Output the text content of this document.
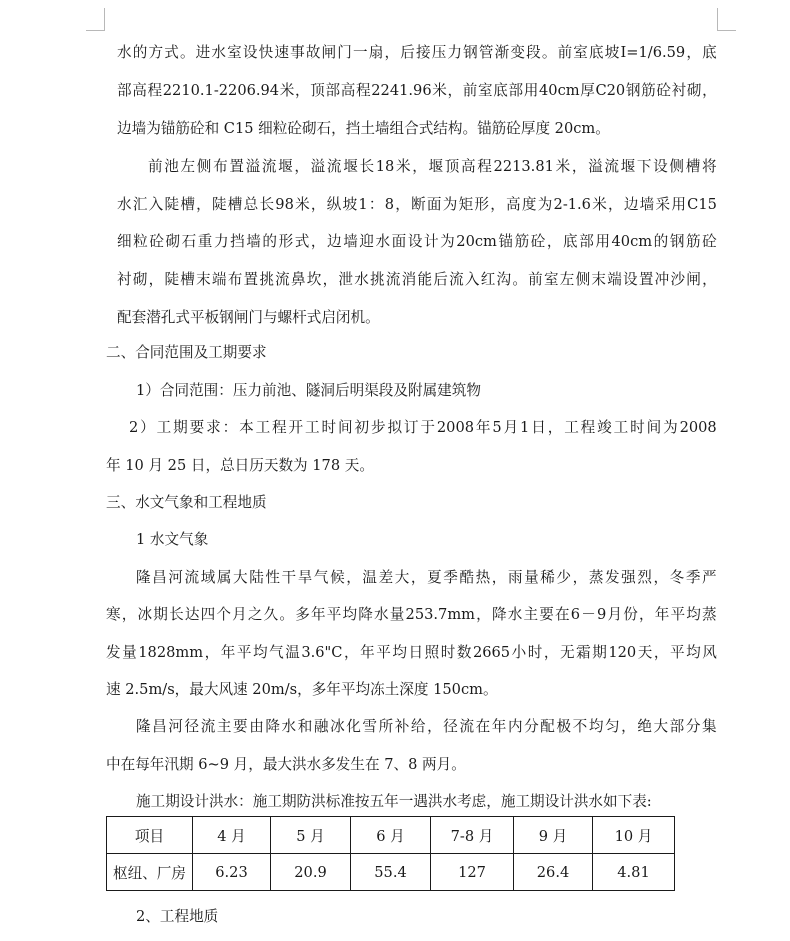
水 的 方 式 。 进 水 室 设 快 速 事 故 闸 门 一 扇 ， 后 接 压 力 钢 管 渐 变 段 。 前 室 底 坡 I=1/6.59 ， 底
部 高 程 2210.1-2206.94 米 ， 顶 部 高 程 2241.96 米 ， 前 室 底 部 用 40cm 厚 C20 钢 筋 砼 衬 砌 ，
边墙为锚筋砼和 C15 细粒砼砌石，挡土墙组合式结构。锚筋砼厚度 20cm。
前 池 左 侧 布 置 溢 流 堰 ， 溢 流 堰 长 18 米 ， 堰 顶 高 程 2213.81 米 ， 溢 流 堰 下 设 侧 槽 将
水 汇 入 陡 槽 ， 陡 槽 总 长 98 米 ， 纵 坡 1 ： 8 ， 断 面 为 矩 形 ， 高 度 为 2-1.6 米 ， 边 墙 采 用 C15
细 粒 砼 砌 石 重 力 挡 墙 的 形 式 ， 边 墙 迎 水 面 设 计 为 20cm 锚 筋 砼 ， 底 部 用 40cm 的 钢 筋 砼
衬 砌 ， 陡 槽 末 端 布 置 挑 流 鼻 坎 ， 泄 水 挑 流 消 能 后 流 入 红 沟 。 前 室 左 侧 末 端 设 置 冲 沙 闸 ，
配套潜孔式平板钢闸门与螺杆式启闭机。
二、合同范围及工期要求
1）合同范围：压力前池、隧洞后明渠段及附属建筑物
2 ） 工 期 要 求 ： 本 工 程 开 工 时 间 初 步 拟 订 于 2008 年 5 月 1 日 ， 工 程 竣 工 时 间 为 2008
年 10 月 25 日，总日历天数为 178 天。
三、水文气象和工程地质
1 水文气象
隆 昌 河 流 域 属 大 陆 性 干 旱 气 候 ， 温 差 大 ， 夏 季 酷 热 ， 雨 量 稀 少 ， 蒸 发 强 烈 ， 冬 季 严
寒 ， 冰 期 长 达 四 个 月 之 久 。 多 年 平 均 降 水 量 253.7mm ， 降 水 主 要 在 6 － 9 月 份 ， 年 平 均 蒸
发 量 1828mm ， 年 平 均 气 温 3.6"C ， 年 平 均 日 照 时 数 2665 小 时 ， 无 霜 期 120 天 ， 平 均 风
速 2.5m/s，最大风速 20m/s，多年平均冻土深度 150cm。
隆 昌 河 径 流 主 要 由 降 水 和 融 冰 化 雪 所 补 给 ， 径 流 在 年 内 分 配 极 不 均 匀 ， 绝 大 部 分 集
中在每年汛期 6~9 月，最大洪水多发生在 7、8 两月。
施工期设计洪水：施工期防洪标准按五年一遇洪水考虑，施工期设计洪水如下表:
项目	4 月	5 月	6 月	7-8 月	9 月	10 月
枢纽、厂房	6.23	20.9	55.4	127	26.4	4.81
2、工程地质
